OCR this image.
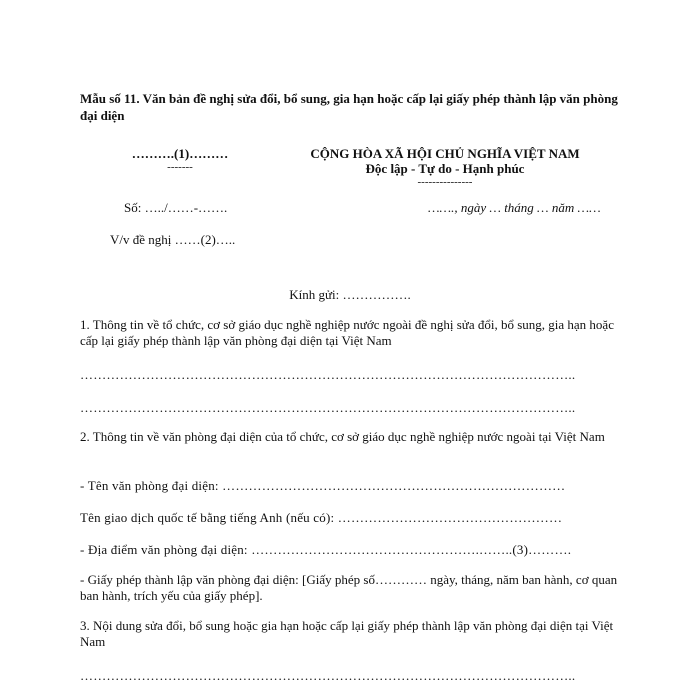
Mẫu số 11. Văn bản đề nghị sửa đổi, bổ sung, gia hạn hoặc cấp lại giấy phép thành lập văn phòng đại diện
……….(1)………
-------
CỘNG HÒA XÃ HỘI CHỦ NGHĨA VIỆT NAM
Độc lập - Tự do - Hạnh phúc
---------------
Số: …../……-…….	……., ngày … tháng … năm ……
V/v đề nghị ……(2)…..
Kính gửi: …………….
1. Thông tin về tổ chức, cơ sở giáo dục nghề nghiệp nước ngoài đề nghị sửa đổi, bổ sung, gia hạn hoặc cấp lại giấy phép thành lập văn phòng đại diện tại Việt Nam
…………………………………………………………………………………………………..
…………………………………………………………………………………………………..
2. Thông tin về văn phòng đại diện của tổ chức, cơ sở giáo dục nghề nghiệp nước ngoài tại Việt Nam
- Tên văn phòng đại diện: ……………………………………………………………………
Tên giao dịch quốc tế bằng tiếng Anh (nếu có): ……………………………………………
- Địa điểm văn phòng đại diện: …………………………………………….……..(3)……….
- Giấy phép thành lập văn phòng đại diện: [Giấy phép số………… ngày, tháng, năm ban hành, cơ quan ban hành, trích yếu của giấy phép].
3. Nội dung sửa đổi, bổ sung hoặc gia hạn hoặc cấp lại giấy phép thành lập văn phòng đại diện tại Việt Nam
…………………………………………………………………………………………………..
